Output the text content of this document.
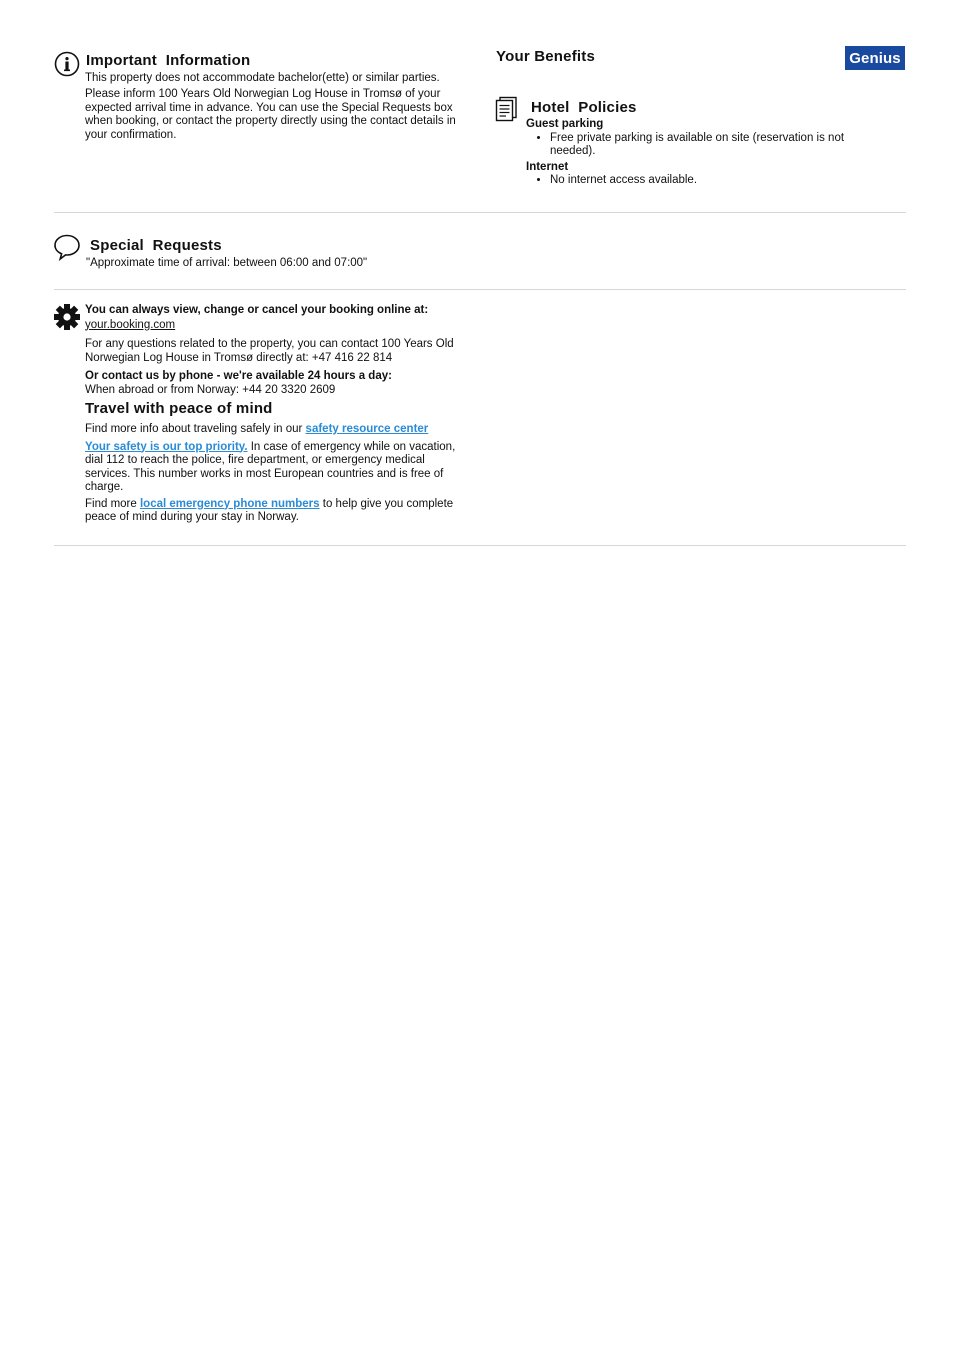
Important  Information
This property does not accommodate bachelor(ette) or similar parties.
Please inform 100 Years Old Norwegian Log House in Tromsø of your expected arrival time in advance. You can use the Special Requests box when booking, or contact the property directly using the contact details in your confirmation.
Your Benefits	Genius
Hotel  Policies
Guest parking
• Free private parking is available on site (reservation is not needed).
Internet
• No internet access available.
Special  Requests
"Approximate time of arrival: between 06:00 and 07:00"
You can always view, change or cancel your booking online at:
your.booking.com
For any questions related to the property, you can contact 100 Years Old Norwegian Log House in Tromsø directly at: +47 416 22 814
Or contact us by phone - we're available 24 hours a day:
When abroad or from Norway: +44 20 3320 2609
Travel with peace of mind
Find more info about traveling safely in our safety resource center
Your safety is our top priority. In case of emergency while on vacation, dial 112 to reach the police, fire department, or emergency medical services. This number works in most European countries and is free of charge.
Find more local emergency phone numbers to help give you complete peace of mind during your stay in Norway.
